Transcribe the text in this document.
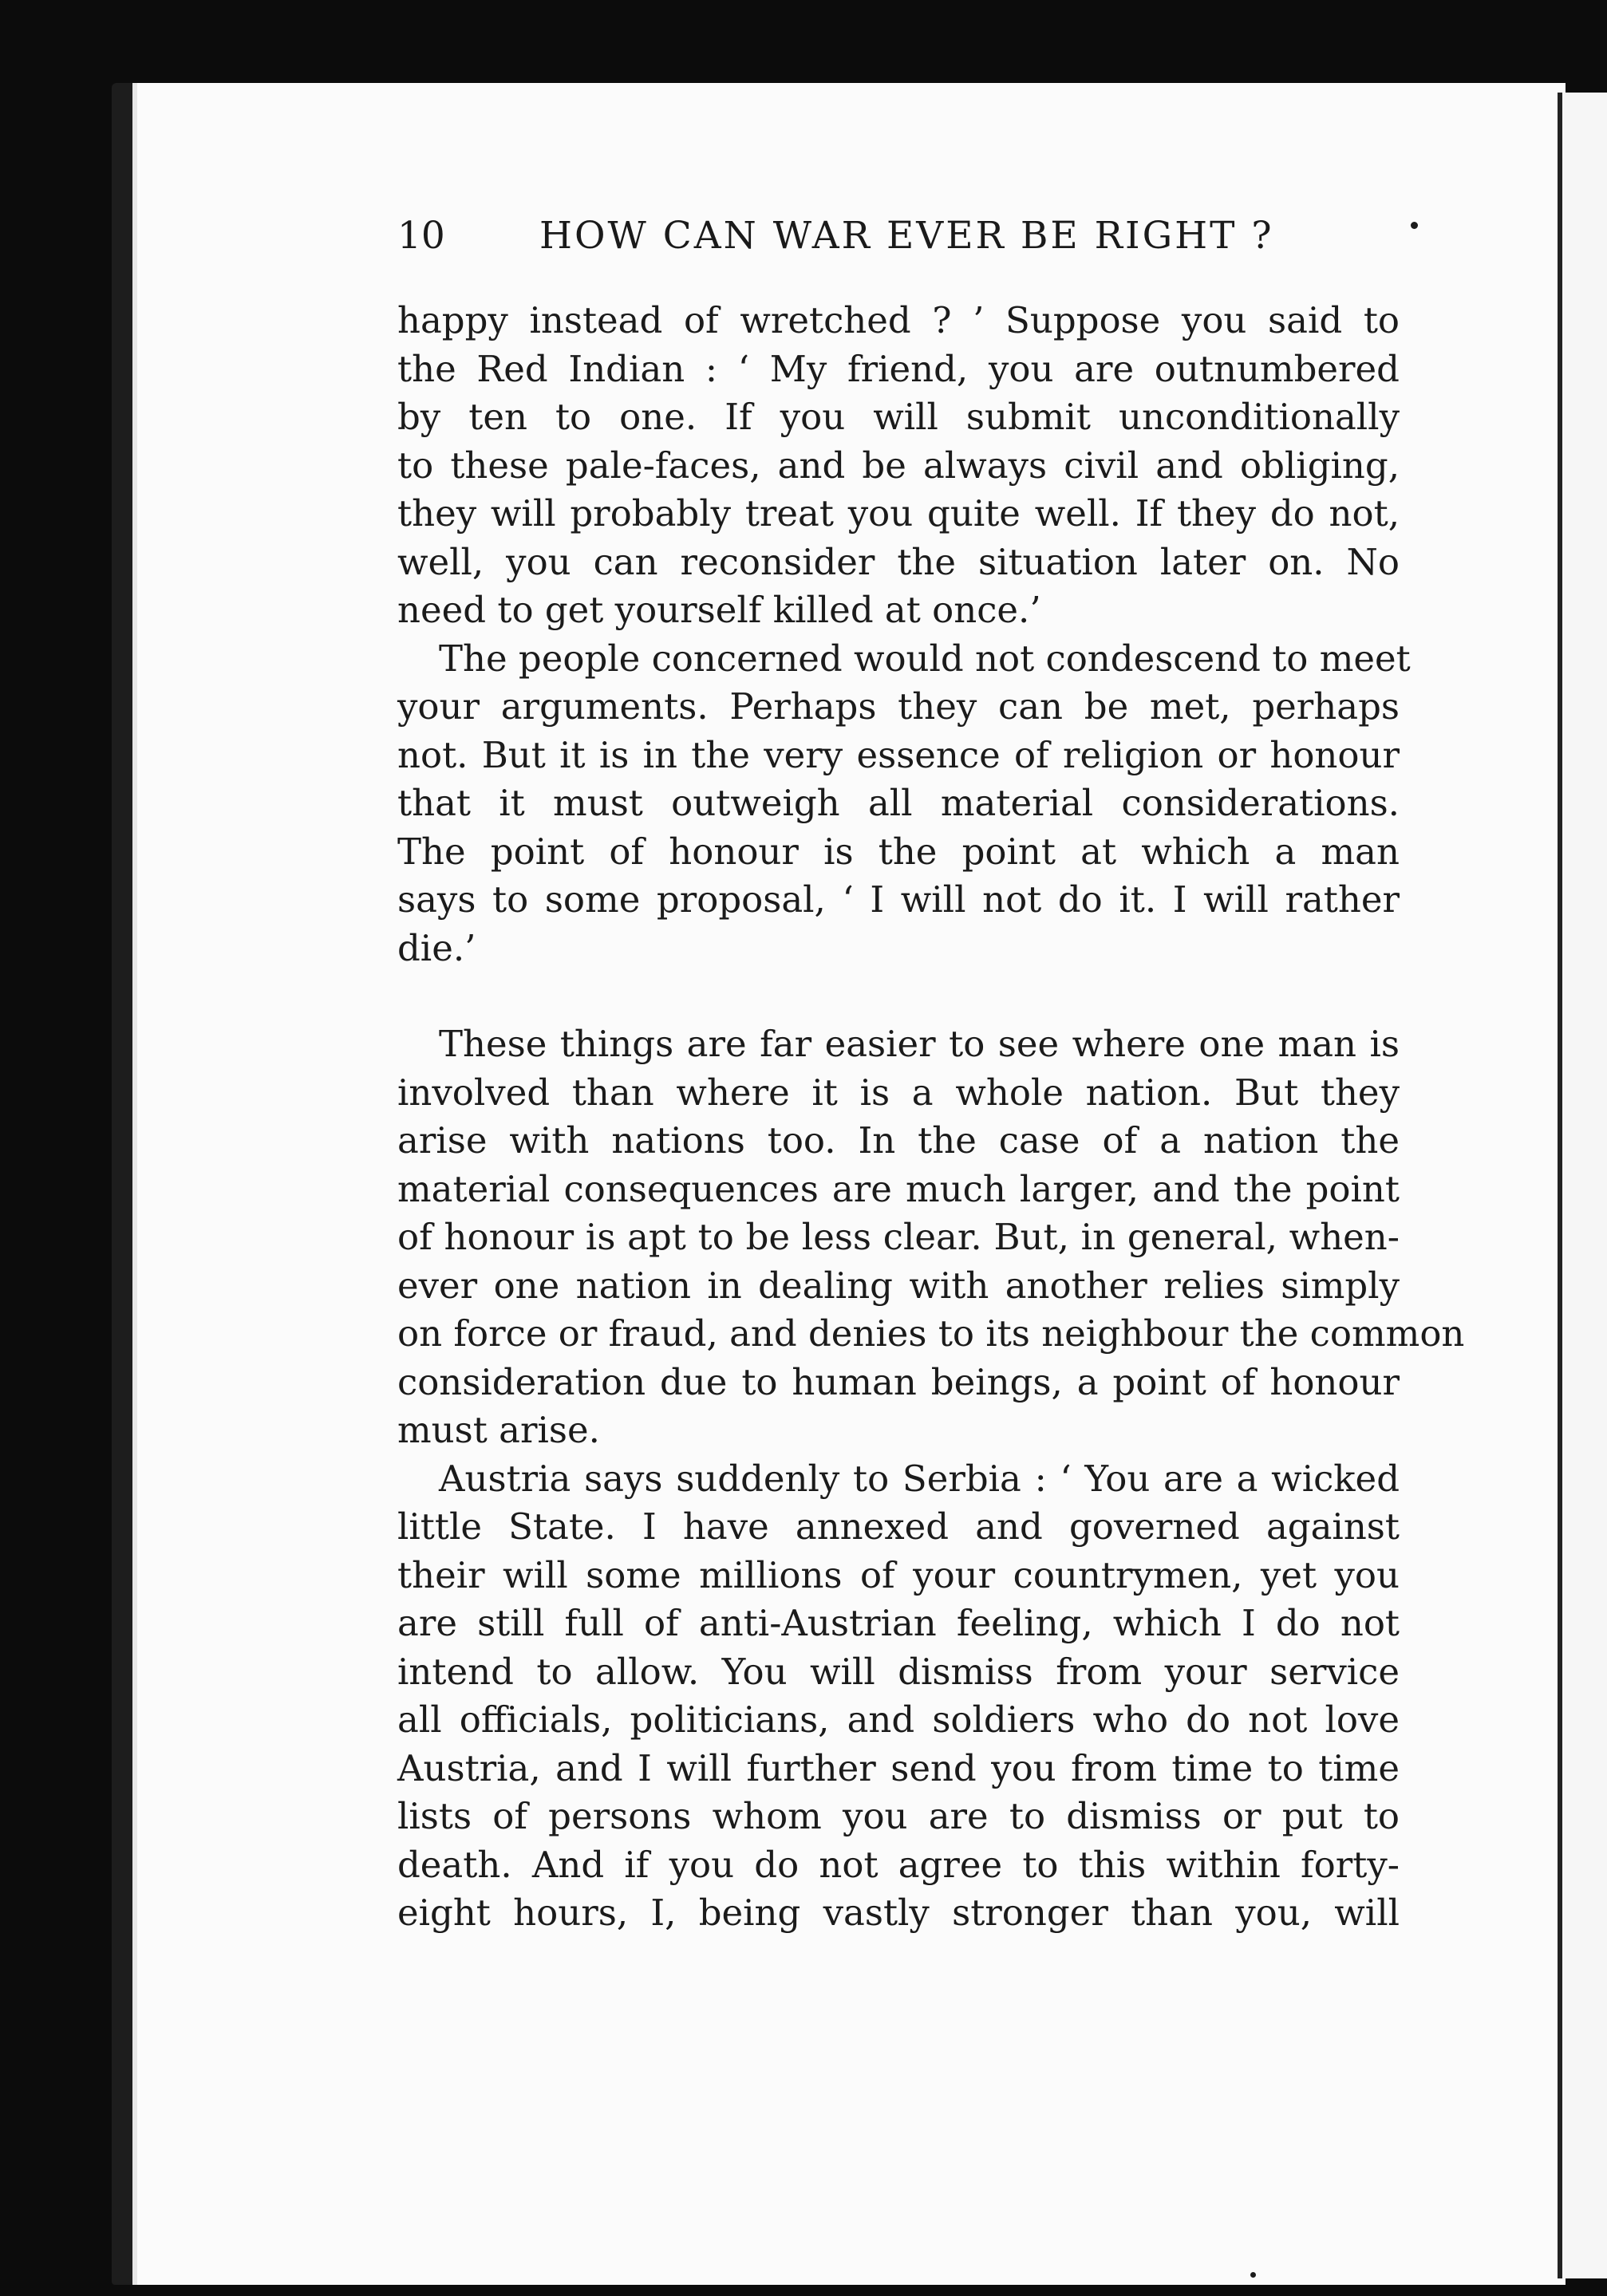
10	HOW CAN WAR EVER BE RIGHT ?
happy instead of wretched ? ’ Suppose you said to
the Red Indian : ‘ My friend, you are outnumbered
by ten to one. If you will submit unconditionally
to these pale-faces, and be always civil and obliging,
they will probably treat you quite well. If they do not,
well, you can reconsider the situation later on. No
need to get yourself killed at once.’
The people concerned would not condescend to meet
your arguments. Perhaps they can be met, perhaps
not. But it is in the very essence of religion or honour
that it must outweigh all material considerations.
The point of honour is the point at which a man
says to some proposal, ‘ I will not do it. I will rather
die.’
These things are far easier to see where one man is
involved than where it is a whole nation. But they
arise with nations too. In the case of a nation the
material consequences are much larger, and the point
of honour is apt to be less clear. But, in general, when-
ever one nation in dealing with another relies simply
on force or fraud, and denies to its neighbour the common
consideration due to human beings, a point of honour
must arise.
Austria says suddenly to Serbia : ‘ You are a wicked
little State. I have annexed and governed against
their will some millions of your countrymen, yet you
are still full of anti-Austrian feeling, which I do not
intend to allow. You will dismiss from your service
all officials, politicians, and soldiers who do not love
Austria, and I will further send you from time to time
lists of persons whom you are to dismiss or put to
death. And if you do not agree to this within forty-
eight hours, I, being vastly stronger than you, will
